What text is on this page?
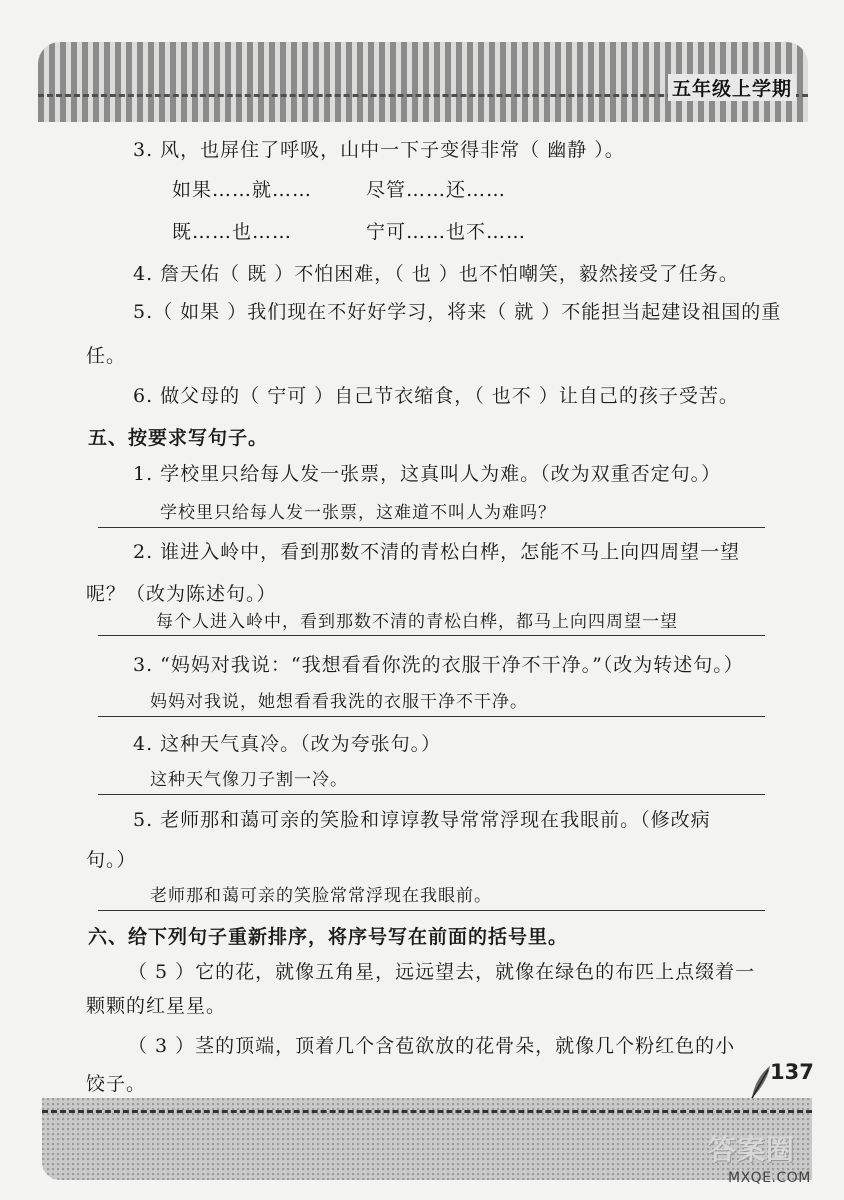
五年级上学期
3. 风，也屏住了呼吸，山中一下子变得非常（ 幽静 ）。
如果……就……	尽管……还……
既……也……	宁可……也不……
4. 詹天佑（ 既 ）不怕困难，（ 也 ）也不怕嘲笑，毅然接受了任务。
5.（ 如果 ）我们现在不好好学习，将来（ 就 ）不能担当起建设祖国的重
任。
6. 做父母的（ 宁可 ）自己节衣缩食，（ 也不 ）让自己的孩子受苦。
五、按要求写句子。
1. 学校里只给每人发一张票，这真叫人为难。（改为双重否定句。）
学校里只给每人发一张票，这难道不叫人为难吗？
2. 谁进入岭中，看到那数不清的青松白桦，怎能不马上向四周望一望
呢？（改为陈述句。）
每个人进入岭中，看到那数不清的青松白桦，都马上向四周望一望
3. “妈妈对我说：“我想看看你洗的衣服干净不干净。”（改为转述句。）
妈妈对我说，她想看看我洗的衣服干净不干净。
4. 这种天气真冷。（改为夸张句。）
这种天气像刀子割一冷。
5. 老师那和蔼可亲的笑脸和谆谆教导常常浮现在我眼前。（修改病
句。）
老师那和蔼可亲的笑脸常常浮现在我眼前。
六、给下列句子重新排序，将序号写在前面的括号里。
（ 5 ）它的花，就像五角星，远远望去，就像在绿色的布匹上点缀着一
颗颗的红星星。
（ 3 ）茎的顶端，顶着几个含苞欲放的花骨朵，就像几个粉红色的小
饺子。	137
答案圈
MXQE.COM
